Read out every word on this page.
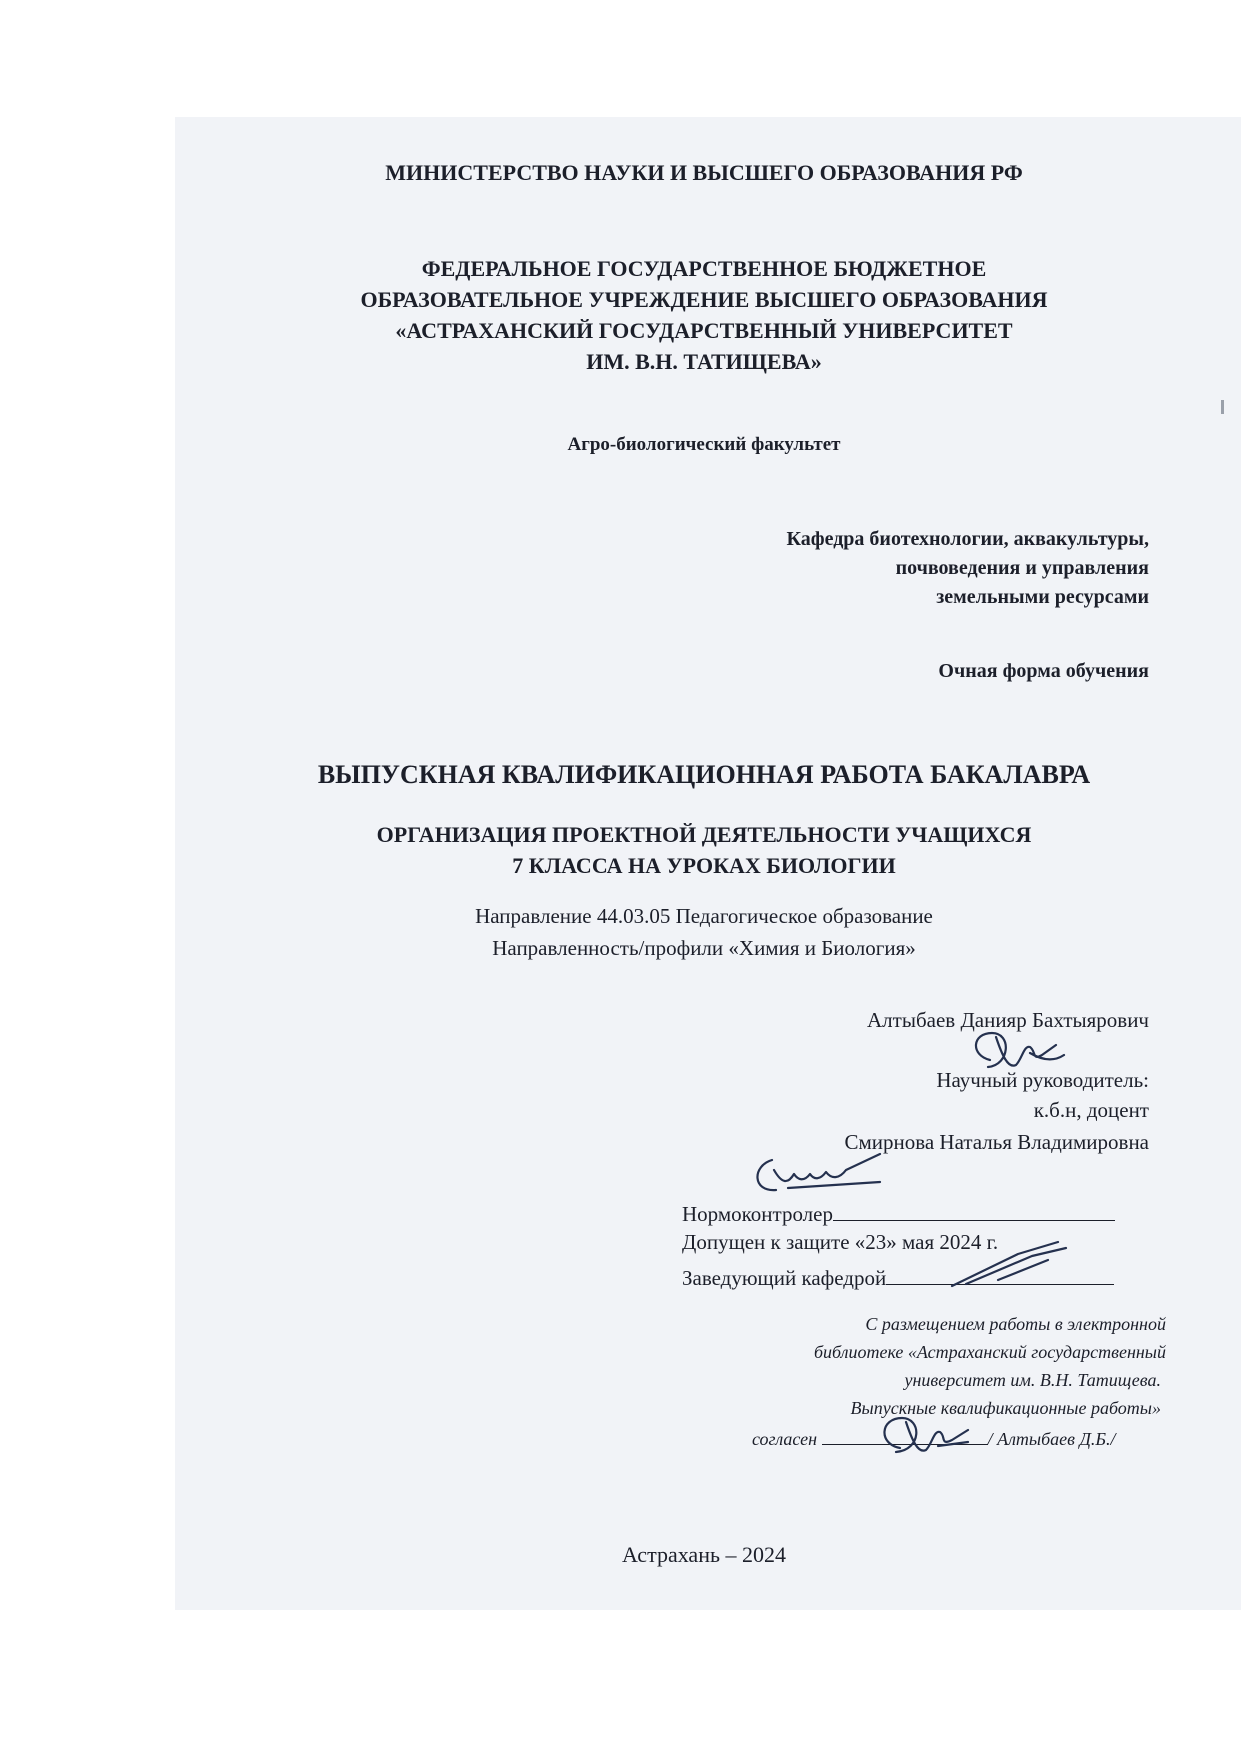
МИНИСТЕРСТВО НАУКИ И ВЫСШЕГО ОБРАЗОВАНИЯ РФ
ФЕДЕРАЛЬНОЕ ГОСУДАРСТВЕННОЕ БЮДЖЕТНОЕ
ОБРАЗОВАТЕЛЬНОЕ УЧРЕЖДЕНИЕ ВЫСШЕГО ОБРАЗОВАНИЯ
«АСТРАХАНСКИЙ ГОСУДАРСТВЕННЫЙ УНИВЕРСИТЕТ
ИМ. В.Н. ТАТИЩЕВА»
Агро-биологический факультет
Кафедра биотехнологии, аквакультуры,
почвоведения и управления
земельными ресурсами
Очная форма обучения
ВЫПУСКНАЯ КВАЛИФИКАЦИОННАЯ РАБОТА БАКАЛАВРА
ОРГАНИЗАЦИЯ ПРОЕКТНОЙ ДЕЯТЕЛЬНОСТИ УЧАЩИХСЯ
7 КЛАССА НА УРОКАХ БИОЛОГИИ
Направление 44.03.05 Педагогическое образование
Направленность/профили «Химия и Биология»
Алтыбаев Данияр Бахтыярович
Научный руководитель:
к.б.н, доцент
Смирнова Наталья Владимировна
Нормоконтролер
Допущен к защите «23» мая 2024 г.
Заведующий кафедрой
С размещением работы в электронной
библиотеке «Астраханский государственный
университет им. В.Н. Татищева.
Выпускные квалификационные работы»
согласен	/ Алтыбаев Д.Б./
Астрахань – 2024
